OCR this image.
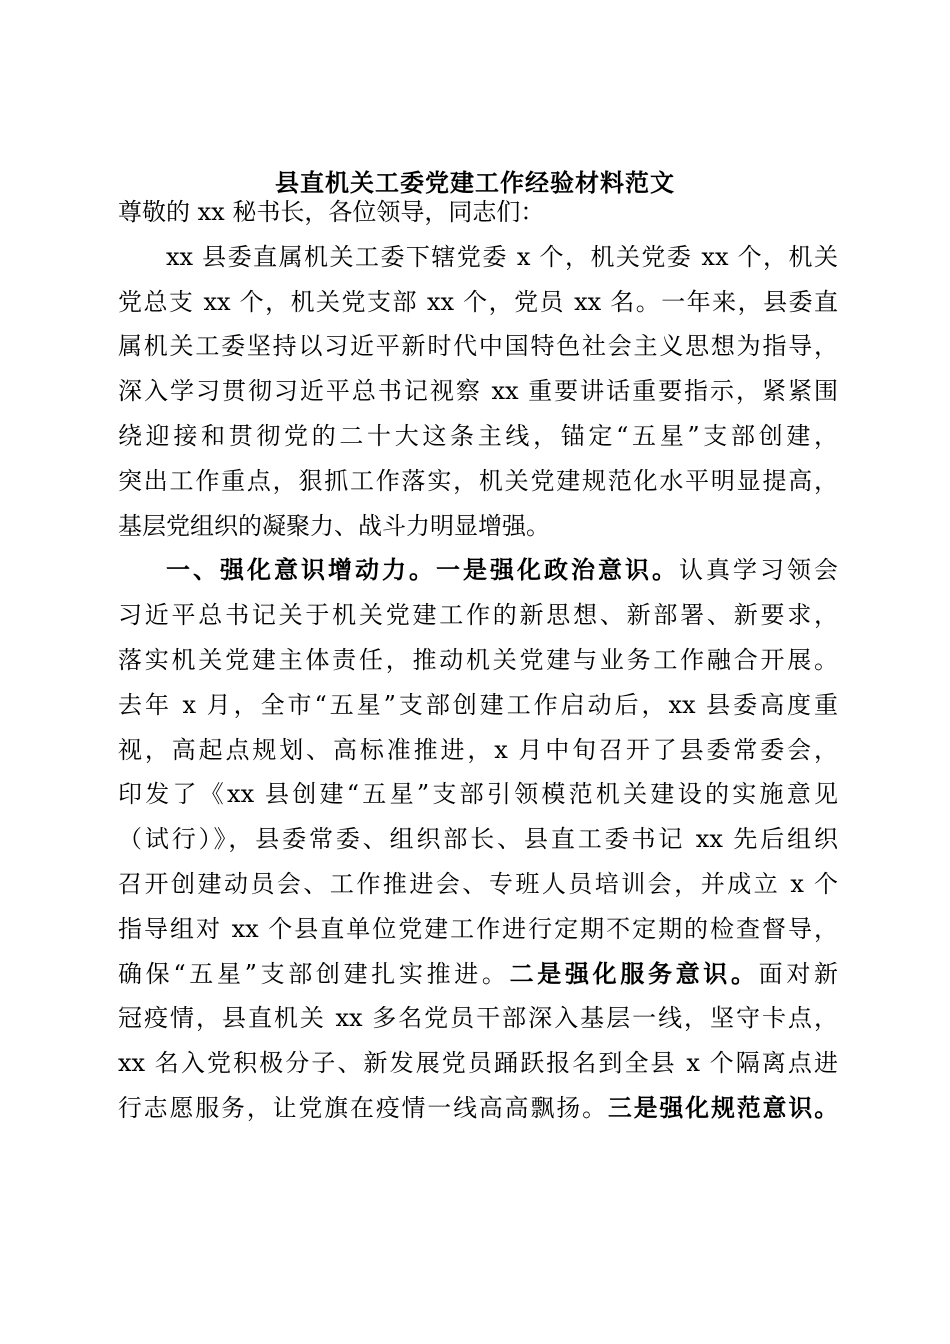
县直机关工委党建工作经验材料范文
尊敬的 xx 秘书长，各位领导，同志们：
xx 县委直属机关工委下辖党委 x 个，机关党委 xx 个，机关
党总支 xx 个，机关党支部 xx 个，党员 xx 名。一年来，县委直
属机关工委坚持以习近平新时代中国特色社会主义思想为指导，
深入学习贯彻习近平总书记视察 xx 重要讲话重要指示，紧紧围
绕迎接和贯彻党的二十大这条主线，锚定“五星”支部创建，
突出工作重点，狠抓工作落实，机关党建规范化水平明显提高，
基层党组织的凝聚力、战斗力明显增强。
一、强化意识增动力。一是强化政治意识。认真学习领会
习近平总书记关于机关党建工作的新思想、新部署、新要求，
落实机关党建主体责任，推动机关党建与业务工作融合开展。
去年 x 月，全市“五星”支部创建工作启动后，xx 县委高度重
视，高起点规划、高标准推进，x 月中旬召开了县委常委会，
印发了《xx 县创建“五星”支部引领模范机关建设的实施意见
（试行）》，县委常委、组织部长、县直工委书记 xx 先后组织
召开创建动员会、工作推进会、专班人员培训会，并成立 x 个
指导组对 xx 个县直单位党建工作进行定期不定期的检查督导，
确保“五星”支部创建扎实推进。二是强化服务意识。面对新
冠疫情，县直机关 xx 多名党员干部深入基层一线，坚守卡点，
xx 名入党积极分子、新发展党员踊跃报名到全县 x 个隔离点进
行志愿服务，让党旗在疫情一线高高飘扬。三是强化规范意识。
